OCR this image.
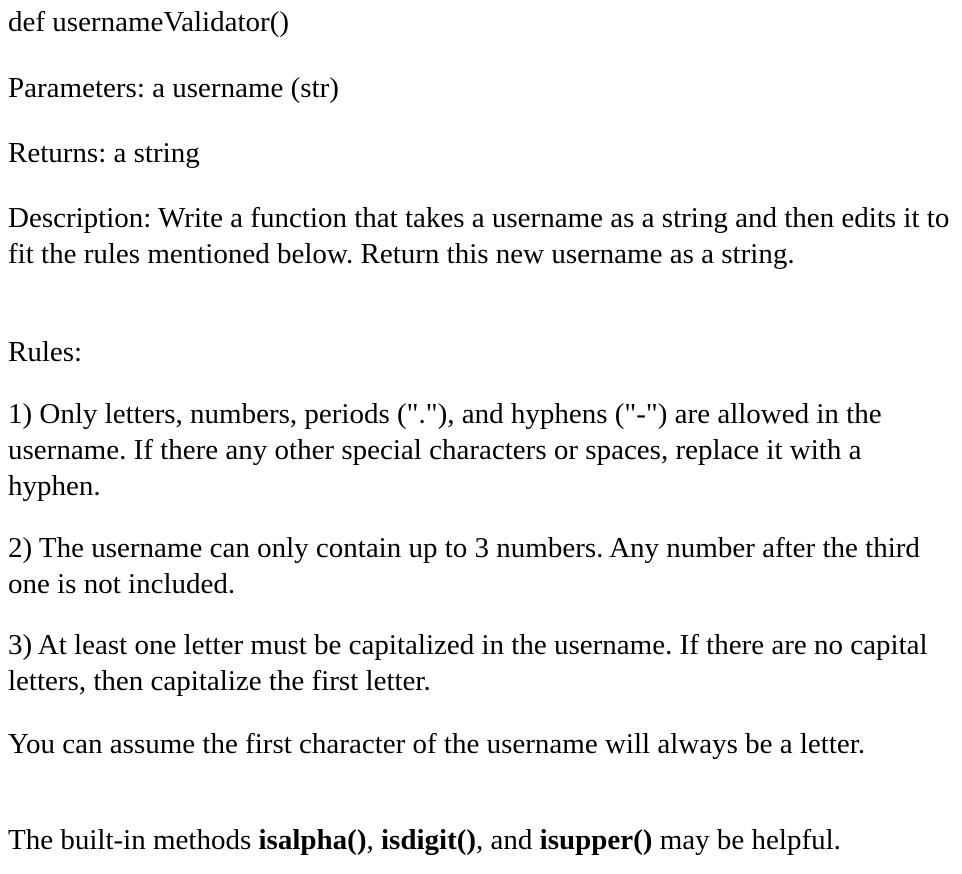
def usernameValidator()

Parameters: a username (str)

Returns: a string

Description: Write a function that takes a username as a string and then edits it to fit the rules mentioned below. Return this new username as a string.

Rules:

1) Only letters, numbers, periods ("."), and hyphens ("-") are allowed in the username. If there any other special characters or spaces, replace it with a hyphen.

2) The username can only contain up to 3 numbers. Any number after the third one is not included.

3) At least one letter must be capitalized in the username. If there are no capital letters, then capitalize the first letter.

You can assume the first character of the username will always be a letter.

The built-in methods isalpha(), isdigit(), and isupper() may be helpful.
